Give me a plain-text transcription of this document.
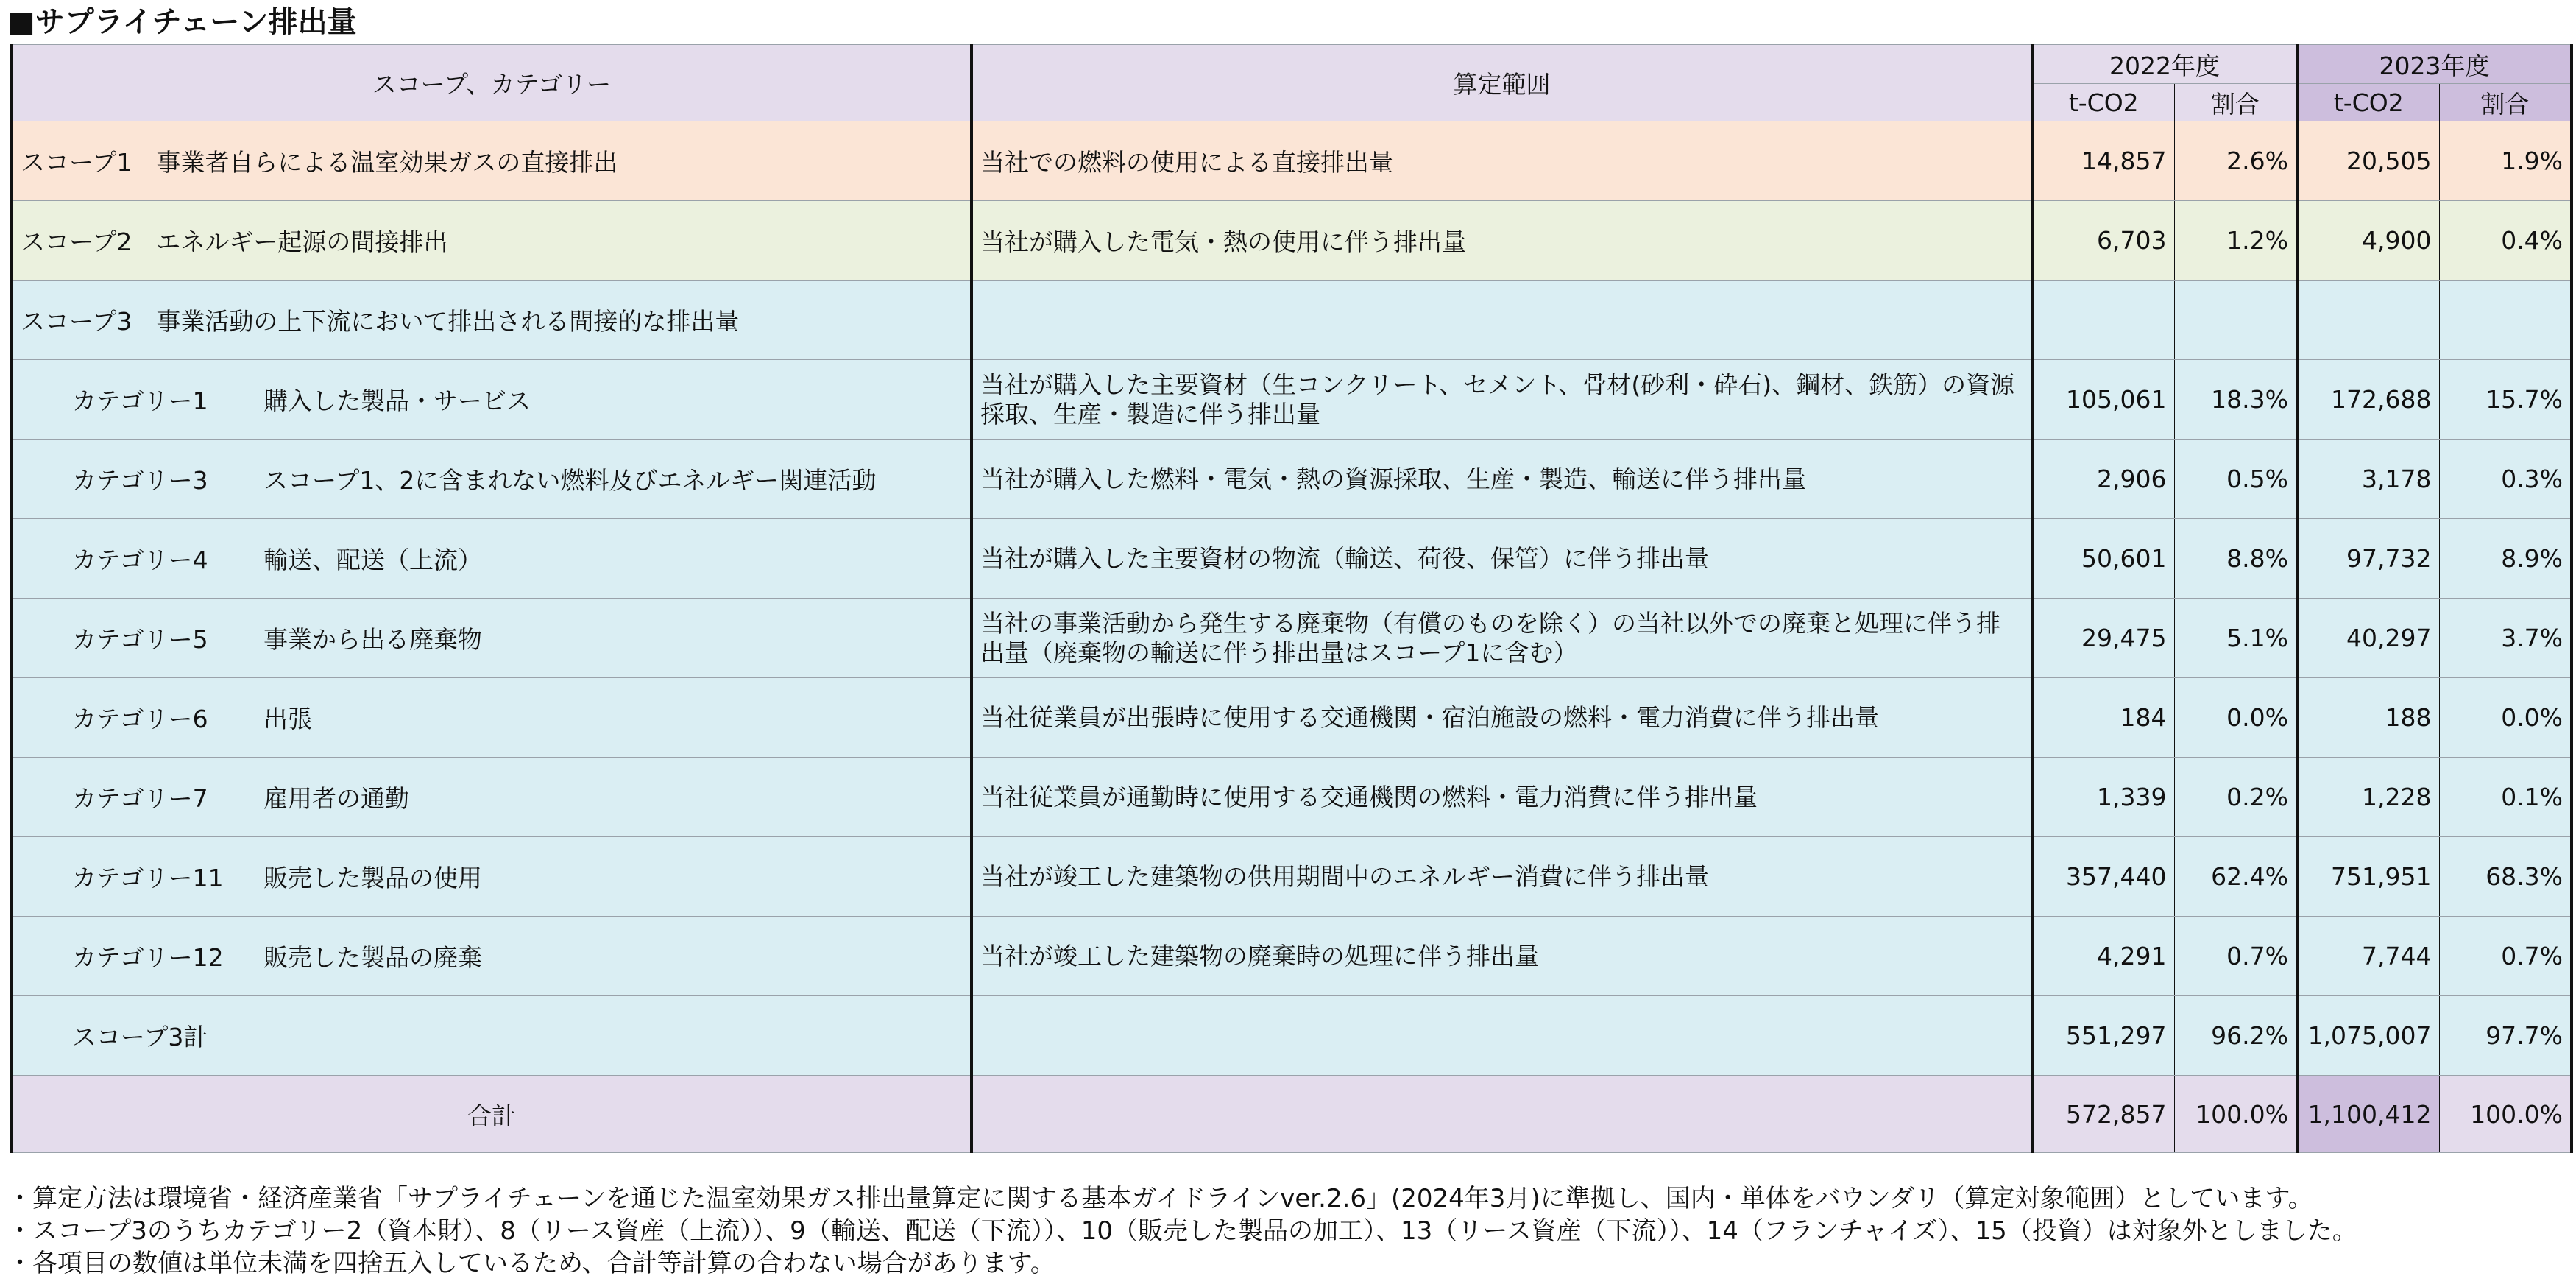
■サプライチェーン排出量
スコープ、カテゴリー	算定範囲	2022年度		2023年度	
		t-CO2	割合	t-CO2	割合
スコープ1　事業者自らによる温室効果ガスの直接排出	当社での燃料の使用による直接排出量	14,857	2.6%	20,505	1.9%
スコープ2　エネルギー起源の間接排出	当社が購入した電気・熱の使用に伴う排出量	6,703	1.2%	4,900	0.4%
スコープ3　事業活動の上下流において排出される間接的な排出量					
カテゴリー1 購入した製品・サービス	当社が購入した主要資材（生コンクリート、セメント、骨材(砂利・砕石)、鋼材、鉄筋）の資源採取、生産・製造に伴う排出量	105,061	18.3%	172,688	15.7%
カテゴリー3 スコープ1、2に含まれない燃料及びエネルギー関連活動	当社が購入した燃料・電気・熱の資源採取、生産・製造、輸送に伴う排出量	2,906	0.5%	3,178	0.3%
カテゴリー4 輸送、配送（上流）	当社が購入した主要資材の物流（輸送、荷役、保管）に伴う排出量	50,601	8.8%	97,732	8.9%
カテゴリー5 事業から出る廃棄物	当社の事業活動から発生する廃棄物（有償のものを除く）の当社以外での廃棄と処理に伴う排出量（廃棄物の輸送に伴う排出量はスコープ1に含む）	29,475	5.1%	40,297	3.7%
カテゴリー6 出張	当社従業員が出張時に使用する交通機関・宿泊施設の燃料・電力消費に伴う排出量	184	0.0%	188	0.0%
カテゴリー7 雇用者の通勤	当社従業員が通勤時に使用する交通機関の燃料・電力消費に伴う排出量	1,339	0.2%	1,228	0.1%
カテゴリー11 販売した製品の使用	当社が竣工した建築物の供用期間中のエネルギー消費に伴う排出量	357,440	62.4%	751,951	68.3%
カテゴリー12 販売した製品の廃棄	当社が竣工した建築物の廃棄時の処理に伴う排出量	4,291	0.7%	7,744	0.7%
スコープ3計		551,297	96.2%	1,075,007	97.7%
合計		572,857	100.0%	1,100,412	100.0%
・算定方法は環境省・経済産業省「サプライチェーンを通じた温室効果ガス排出量算定に関する基本ガイドラインver.2.6」(2024年3月)に準拠し、国内・単体をバウンダリ（算定対象範囲）としています。
・スコープ3のうちカテゴリー2（資本財）、8（リース資産（上流））、9（輸送、配送（下流））、10（販売した製品の加工）、13（リース資産（下流））、14（フランチャイズ）、15（投資）は対象外としました。
・各項目の数値は単位未満を四捨五入しているため、合計等計算の合わない場合があります。
